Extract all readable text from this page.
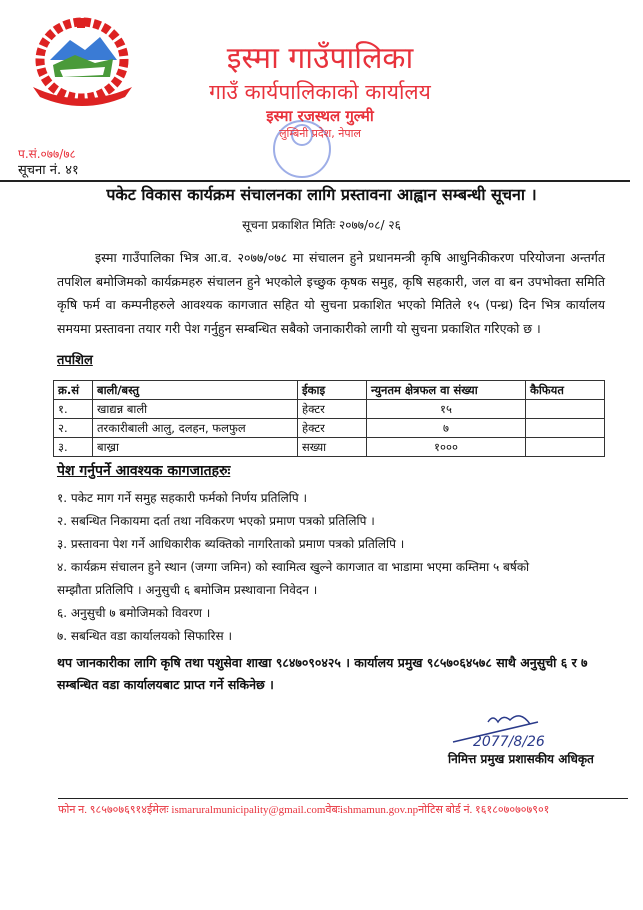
इस्मा गाउँपालिका
गाउँ कार्यपालिकाको कार्यालय
इस्मा रजस्थल गुल्मी
लुम्बिनी प्रदेश, नेपाल
प.सं.०७७/७८
सूचना नं. ४१
पकेट विकास कार्यक्रम संचालनका लागि प्रस्तावना आह्वान सम्बन्धी सूचना ।
सूचना प्रकाशित मितिः २०७७/०८/ २६
इस्मा गाउँपालिका भित्र आ.व. २०७७/०७८ मा संचालन हुने प्रधानमन्त्री कृषि आधुनिकीकरण परियोजना अन्तर्गत तपशिल बमोजिमको कार्यक्रमहरु संचालन हुने भएकोले इच्छुक कृषक समुह, कृषि सहकारी, जल वा बन उपभोक्ता समिति कृषि फर्म वा कम्पनीहरुले आवश्यक कागजात सहित यो सुचना प्रकाशित भएको मितिले १५ (पन्ध्र) दिन भित्र कार्यालय समयमा प्रस्तावना तयार गरी पेश गर्नुहुन सम्बन्धित सबैको जनाकारीको लागी यो सुचना प्रकाशित गरिएको छ ।
तपशिल
क्र.सं	बाली/बस्तु	ईकाइ	न्युनतम क्षेत्रफल वा संख्या	कैफियत
१.	खाद्यन्न बाली	हेक्टर	१५	
२.	तरकारीबाली आलु, दलहन, फलफुल	हेक्टर	७	
३.	बाख्रा	सख्या	१०००	
पेश गर्नुपर्ने आवश्यक कागजातहरुः
१. पकेट माग गर्ने समुह सहकारी फर्मको निर्णय प्रतिलिपि ।
२. सबन्धित निकायमा दर्ता तथा नविकरण भएको प्रमाण पत्रको प्रतिलिपि ।
३. प्रस्तावना पेश गर्ने आधिकारीक ब्यक्तिको नागरिताको प्रमाण पत्रको प्रतिलिपि ।
४. कार्यक्रम संचालन हुने स्थान (जग्गा जमिन) को स्वामित्व खुल्ने कागजात वा भाडामा भएमा कम्तिमा ५ बर्षको
सम्झौता प्रतिलिपि । अनुसुची ६ बमोजिम प्रस्थावाना निवेदन ।
६. अनुसुची ७ बमोजिमको विवरण ।
७. सबन्धित वडा कार्यालयको सिफारिस ।
थप जानकारीका लागि कृषि तथा पशुसेवा शाखा ९८४७०९०४२५ । कार्यालय प्रमुख ९८५७०६४५७८ साथै अनुसुची ६ र ७ सम्बन्धित वडा कार्यालयबाट प्राप्त गर्ने सकिनेछ ।
2077/8/26
निमित्त प्रमुख प्रशासकीय अधिकृत
फोन न. ९८५७०७६९१४ईमेलः ismaruralmunicipality@gmail.comवेबःishmamun.gov.npनोटिस बोर्ड नं. १६१८०७०७०७९०१
